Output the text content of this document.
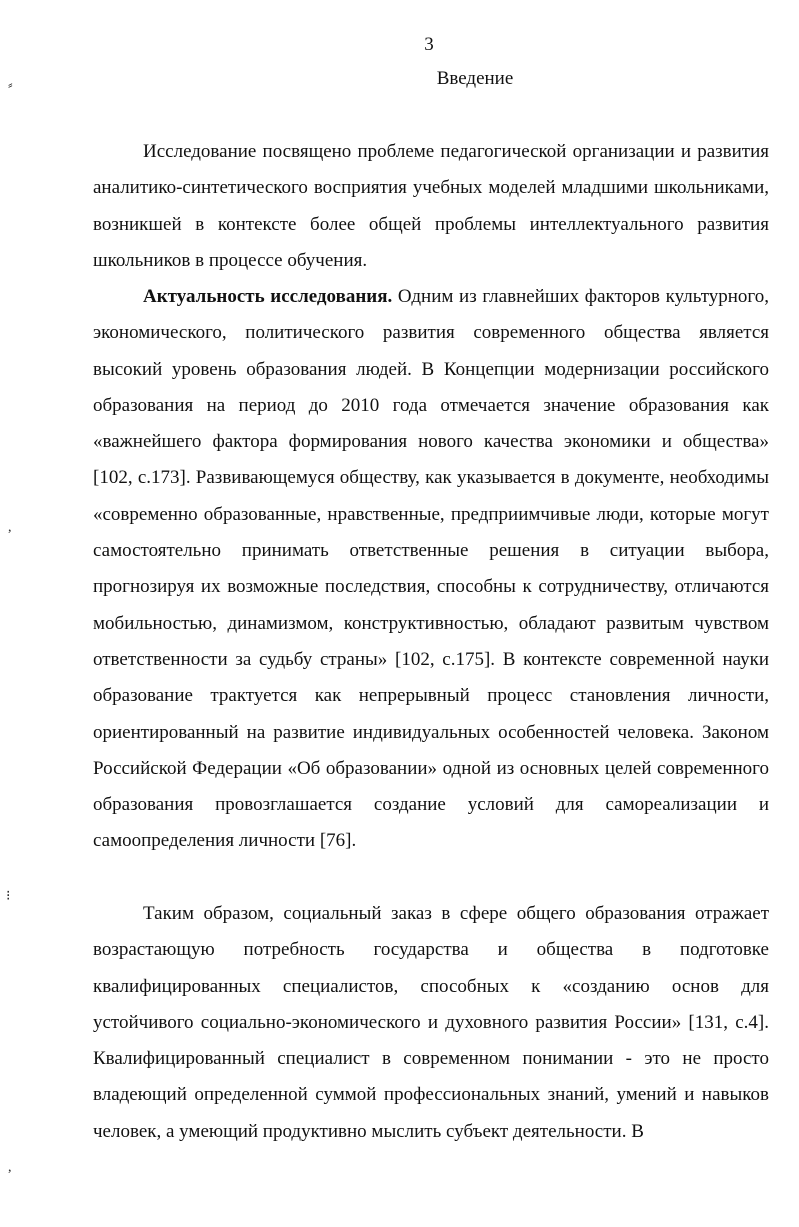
3
Введение

Исследование посвящено проблеме педагогической организации и развития аналитико-синтетического восприятия учебных моделей младшими школьниками, возникшей в контексте более общей проблемы интеллектуального развития школьников в процессе обучения.

Актуальность исследования. Одним из главнейших факторов культурного, экономического, политического развития современного общества является высокий уровень образования людей. В Концепции модернизации российского образования на период до 2010 года отмечается значение образования как «важнейшего фактора формирования нового качества экономики и общества» [102, с.173]. Развивающемуся обществу, как указывается в документе, необходимы «современно образованные, нравственные, предприимчивые люди, которые могут самостоятельно принимать ответственные решения в ситуации выбора, прогнозируя их возможные последствия, способны к сотрудничеству, отличаются мобильностью, динамизмом, конструктивностью, обладают развитым чувством ответственности за судьбу страны» [102, с.175]. В контексте современной науки образование трактуется как непрерывный процесс становления личности, ориентированный на развитие индивидуальных особенностей человека. Законом Российской Федерации «Об образовании» одной из основных целей современного образования провозглашается создание условий для самореализации и самоопределения личности [76].

Таким образом, социальный заказ в сфере общего образования отражает возрастающую потребность государства и общества в подготовке квалифицированных специалистов, способных к «созданию основ для устойчивого социально-экономического и духовного развития России» [131, с.4]. Квалифицированный специалист в современном понимании - это не просто владеющий определенной суммой профессиональных знаний, умений и навыков человек, а умеющий продуктивно мыслить субъект деятельности. В

⸗
,
⁝
,
